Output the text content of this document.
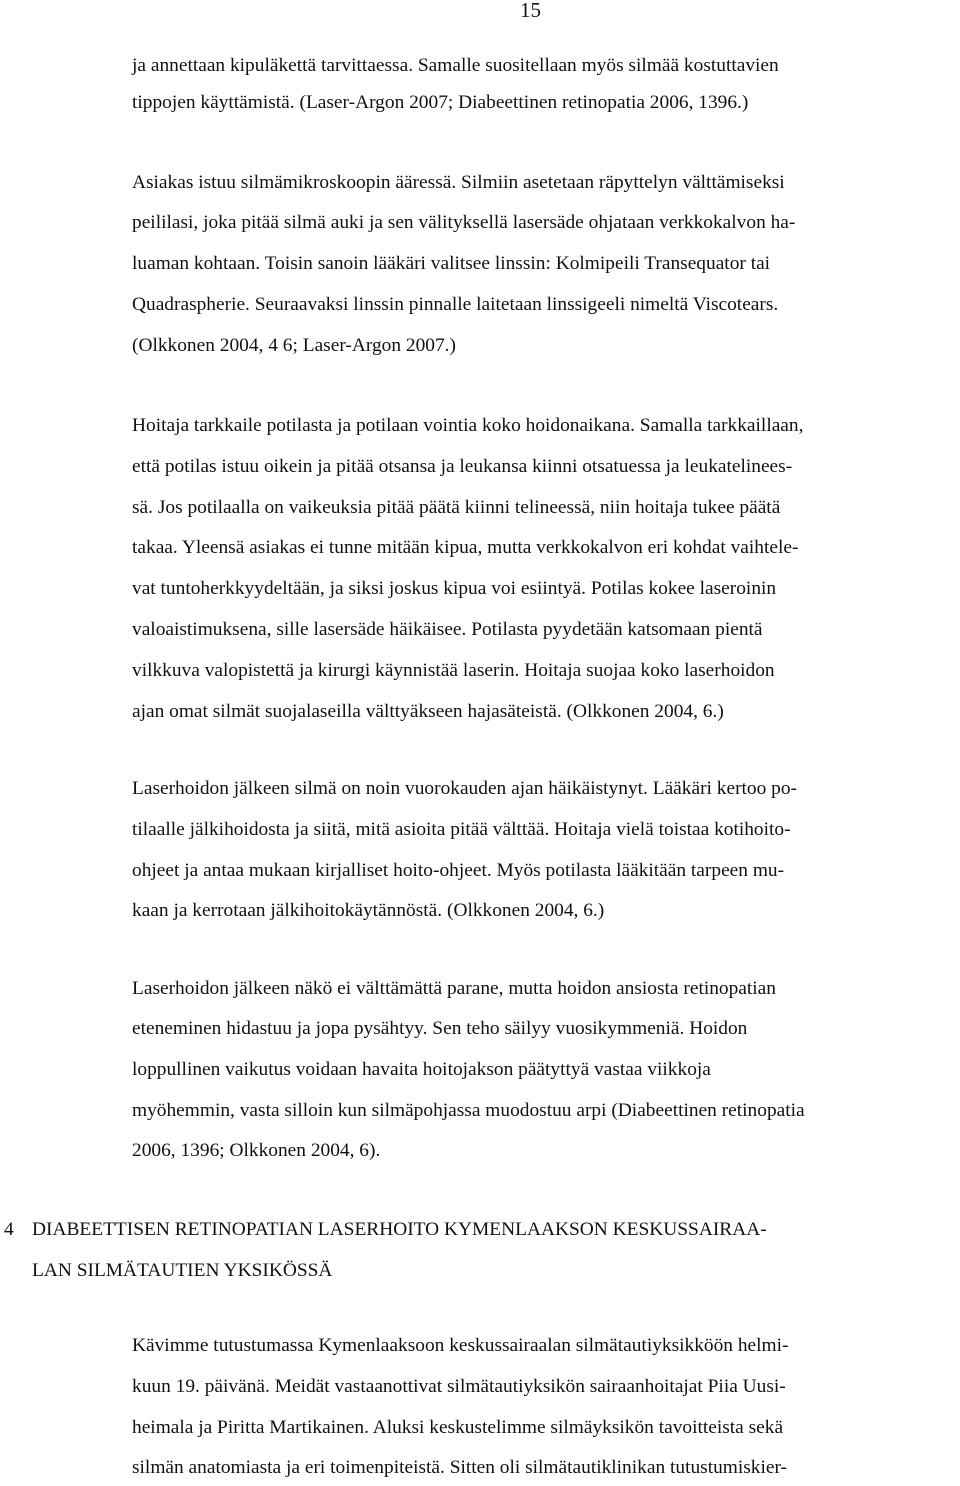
15
ja annettaan kipuläkettä tarvittaessa. Samalle suositellaan myös silmää kostuttavien
tippojen käyttämistä. (Laser-Argon 2007; Diabeettinen retinopatia 2006, 1396.)
Asiakas istuu silmämikroskoopin ääressä. Silmiin asetetaan räpyttelyn välttämiseksi
peililasi, joka pitää silmä auki ja sen välityksellä lasersäde ohjataan verkkokalvon ha-
luaman kohtaan. Toisin sanoin lääkäri valitsee linssin: Kolmipeili Transequator tai
Quadraspherie. Seuraavaksi linssin pinnalle laitetaan linssigeeli nimeltä Viscotears.
(Olkkonen 2004, 4 6; Laser-Argon 2007.)
Hoitaja tarkkaile potilasta ja potilaan vointia koko hoidonaikana. Samalla tarkkaillaan,
että potilas istuu oikein ja pitää otsansa ja leukansa kiinni otsatuessa ja leukatelinees-
sä. Jos potilaalla on vaikeuksia pitää päätä kiinni telineessä, niin hoitaja tukee päätä
takaa. Yleensä asiakas ei tunne mitään kipua, mutta verkkokalvon eri kohdat vaihtele-
vat tuntoherkkyydeltään, ja siksi joskus kipua voi esiintyä. Potilas kokee laseroinin
valoaistimuksena, sille lasersäde häikäisee. Potilasta pyydetään katsomaan pientä
vilkkuva valopistettä ja kirurgi käynnistää laserin. Hoitaja suojaa koko laserhoidon
ajan omat silmät suojalaseilla välttyäkseen hajasäteistä. (Olkkonen 2004, 6.)
Laserhoidon jälkeen silmä on noin vuorokauden ajan häikäistynyt. Lääkäri kertoo po-
tilaalle jälkihoidosta ja siitä, mitä asioita pitää välttää. Hoitaja vielä toistaa kotihoito-
ohjeet ja antaa mukaan kirjalliset hoito-ohjeet. Myös potilasta lääkitään tarpeen mu-
kaan ja kerrotaan jälkihoitokäytännöstä. (Olkkonen 2004, 6.)
Laserhoidon jälkeen näkö ei välttämättä parane, mutta hoidon ansiosta retinopatian
eteneminen hidastuu ja jopa pysähtyy. Sen teho säilyy vuosikymmeniä. Hoidon
loppullinen vaikutus voidaan havaita hoitojakson päätyttyä vastaa viikkoja
myöhemmin, vasta silloin kun silmäpohjassa muodostuu arpi (Diabeettinen retinopatia
2006, 1396; Olkkonen 2004, 6).
4 DIABEETTISEN RETINOPATIAN LASERHOITO KYMENLAAKSON KESKUSSAIRAA-
LAN SILMÄTAUTIEN YKSIKÖSSÄ
Kävimme tutustumassa Kymenlaaksoon keskussairaalan silmätautiyksikköön helmi-
kuun 19. päivänä. Meidät vastaanottivat silmätautiyksikön sairaanhoitajat Piia Uusi-
heimala ja Piritta Martikainen. Aluksi keskustelimme silmäyksikön tavoitteista sekä
silmän anatomiasta ja eri toimenpiteistä. Sitten oli silmätautiklinikan tutustumiskier-
